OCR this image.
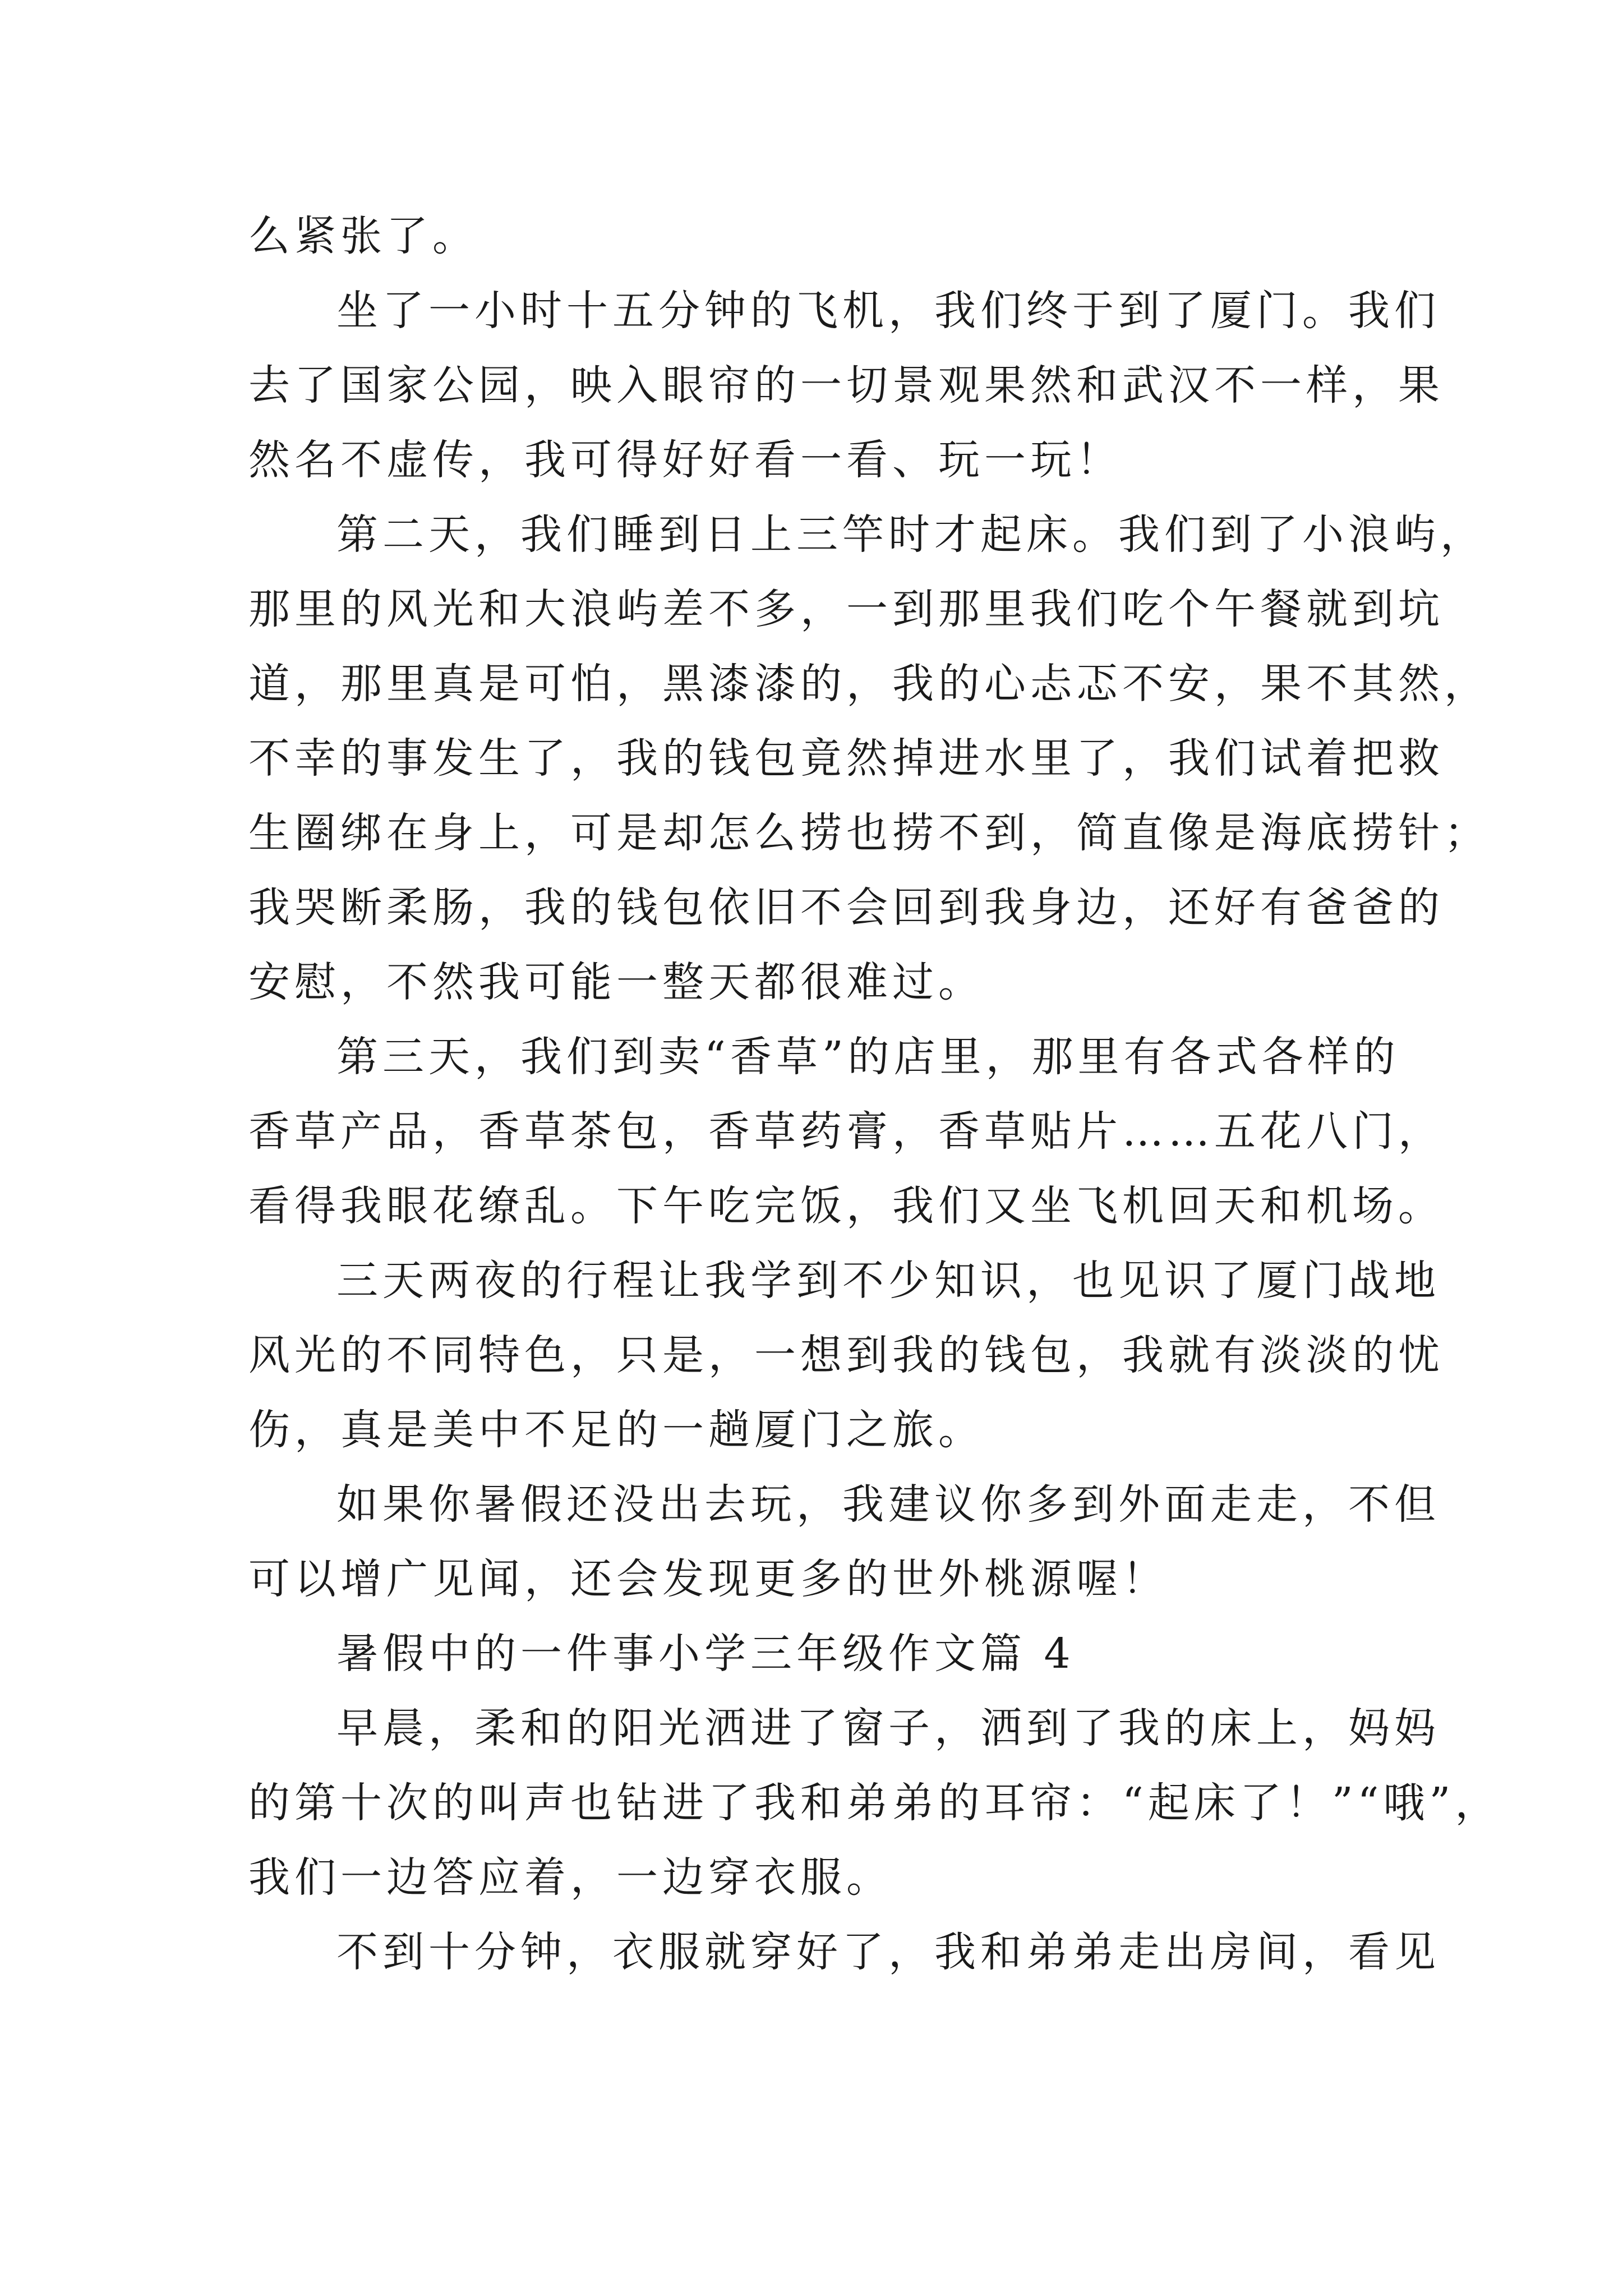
么紧张了。
坐了一小时十五分钟的飞机，我们终于到了厦门。我们
去了国家公园，映入眼帘的一切景观果然和武汉不一样，果
然名不虚传，我可得好好看一看、玩一玩！
第二天，我们睡到日上三竿时才起床。我们到了小浪屿，
那里的风光和大浪屿差不多，一到那里我们吃个午餐就到坑
道，那里真是可怕，黑漆漆的，我的心忐忑不安，果不其然，
不幸的事发生了，我的钱包竟然掉进水里了，我们试着把救
生圈绑在身上，可是却怎么捞也捞不到，简直像是海底捞针；
我哭断柔肠，我的钱包依旧不会回到我身边，还好有爸爸的
安慰，不然我可能一整天都很难过。
第三天，我们到卖“香草”的店里，那里有各式各样的
香草产品，香草茶包，香草药膏，香草贴片……五花八门，
看得我眼花缭乱。下午吃完饭，我们又坐飞机回天和机场。
三天两夜的行程让我学到不少知识，也见识了厦门战地
风光的不同特色，只是，一想到我的钱包，我就有淡淡的忧
伤，真是美中不足的一趟厦门之旅。
如果你暑假还没出去玩，我建议你多到外面走走，不但
可以增广见闻，还会发现更多的世外桃源喔！
暑假中的一件事小学三年级作文篇 4
早晨，柔和的阳光洒进了窗子，洒到了我的床上，妈妈
的第十次的叫声也钻进了我和弟弟的耳帘：“起床了！”“哦”，
我们一边答应着，一边穿衣服。
不到十分钟，衣服就穿好了，我和弟弟走出房间，看见
